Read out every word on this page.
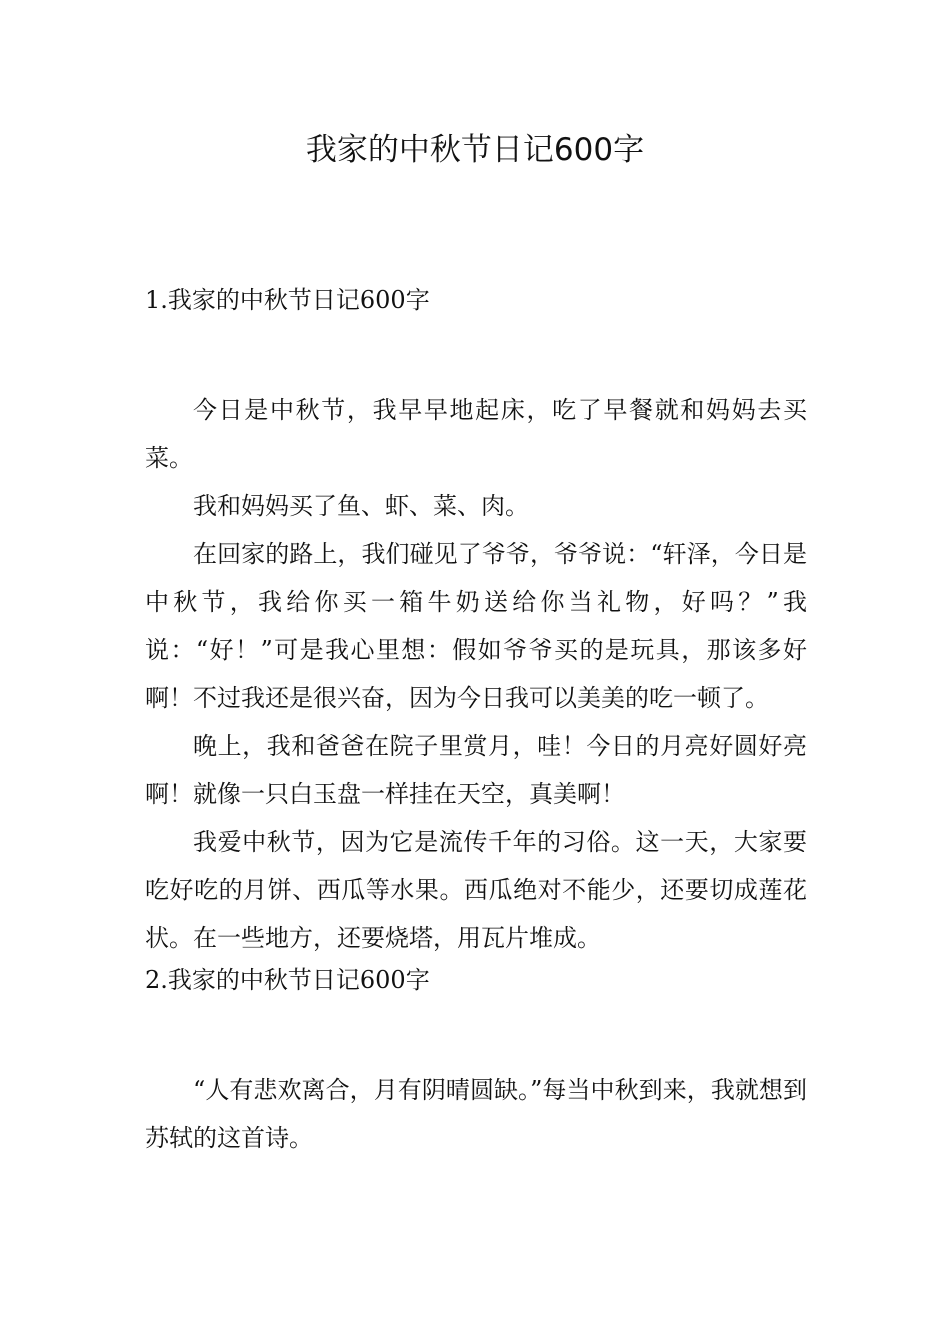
我家的中秋节日记600字
1.我家的中秋节日记600字

今日是中秋节，我早早地起床，吃了早餐就和妈妈去买菜。

我和妈妈买了鱼、虾、菜、肉。

在回家的路上，我们碰见了爷爷，爷爷说：“轩泽，今日是中秋节，我给你买一箱牛奶送给你当礼物，好吗？”我说：“好！”可是我心里想：假如爷爷买的是玩具，那该多好啊！不过我还是很兴奋，因为今日我可以美美的吃一顿了。

晚上，我和爸爸在院子里赏月，哇！今日的月亮好圆好亮啊！就像一只白玉盘一样挂在天空，真美啊！

我爱中秋节，因为它是流传千年的习俗。这一天，大家要吃好吃的月饼、西瓜等水果。西瓜绝对不能少，还要切成莲花状。在一些地方，还要烧塔，用瓦片堆成。

2.我家的中秋节日记600字

“人有悲欢离合，月有阴晴圆缺。”每当中秋到来，我就想到苏轼的这首诗。
